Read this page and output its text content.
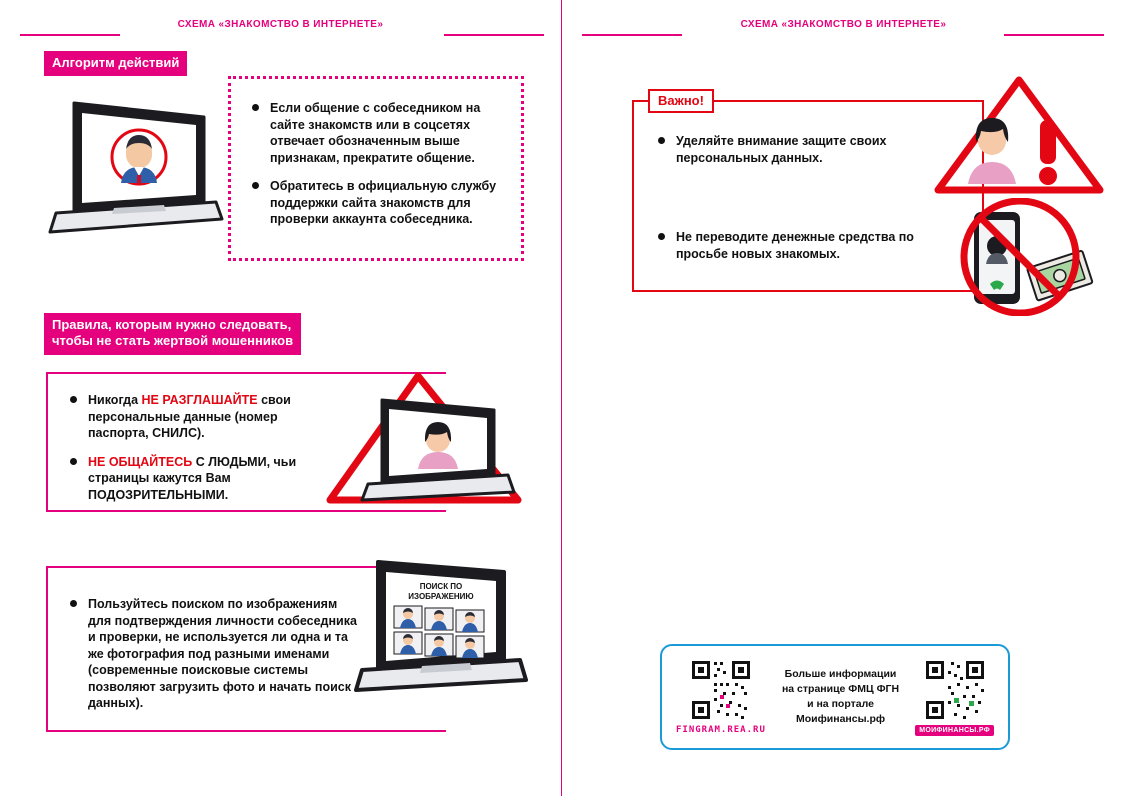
СХЕМА «ЗНАКОМСТВО В ИНТЕРНЕТЕ»	СХЕМА «ЗНАКОМСТВО В ИНТЕРНЕТЕ»
Алгоритм действий
Если общение с собеседником на сайте знакомств или в соцсетях отвечает обозначенным выше признакам, прекратите общение.
Обратитесь в официальную службу поддержки сайта знакомств для проверки аккаунта собеседника.
Правила, которым нужно следовать,
чтобы не стать жертвой мошенников
Никогда НЕ РАЗГЛАШАЙТЕ свои персональные данные (номер паспорта, СНИЛС).
НЕ ОБЩАЙТЕСЬ С ЛЮДЬМИ, чьи страницы кажутся Вам ПОДОЗРИТЕЛЬНЫМИ.
Пользуйтесь поиском по изображениям для подтверждения личности собеседника и проверки, не используется ли одна и та же фотография под разными именами (современные поисковые системы позволяют загрузить фото и начать поиск данных).
ПОИСК ПО
ИЗОБРАЖЕНИЮ
Важно!
Уделяйте внимание защите своих персональных данных.
Не переводите денежные средства по просьбе новых знакомых.
FINGRAM.REA.RU
Больше информации
на странице ФМЦ ФГН
и на портале
Моифинансы.рф
МОИФИНАНСЫ.РФ
